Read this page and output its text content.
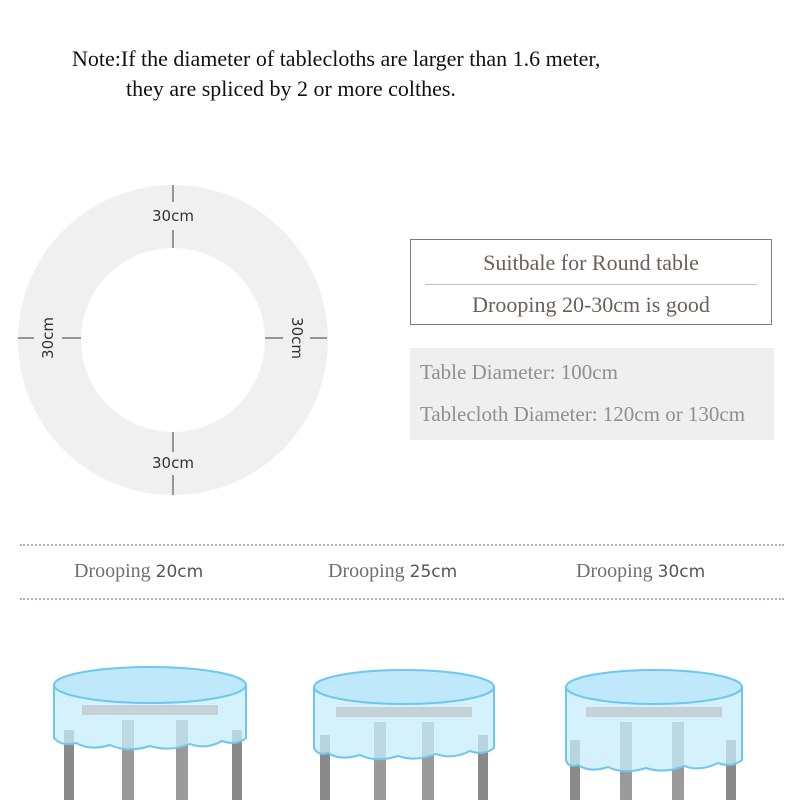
Note:If the diameter of tablecloths are larger than 1.6 meter,
they are spliced by 2 or more colthes.
30cm
30cm
30cm	30cm
Suitbale for Round table
Drooping 20-30cm is good
Table Diameter: 100cm
Tablecloth Diameter: 120cm or 130cm
Drooping 20cm	Drooping 25cm	Drooping 30cm
